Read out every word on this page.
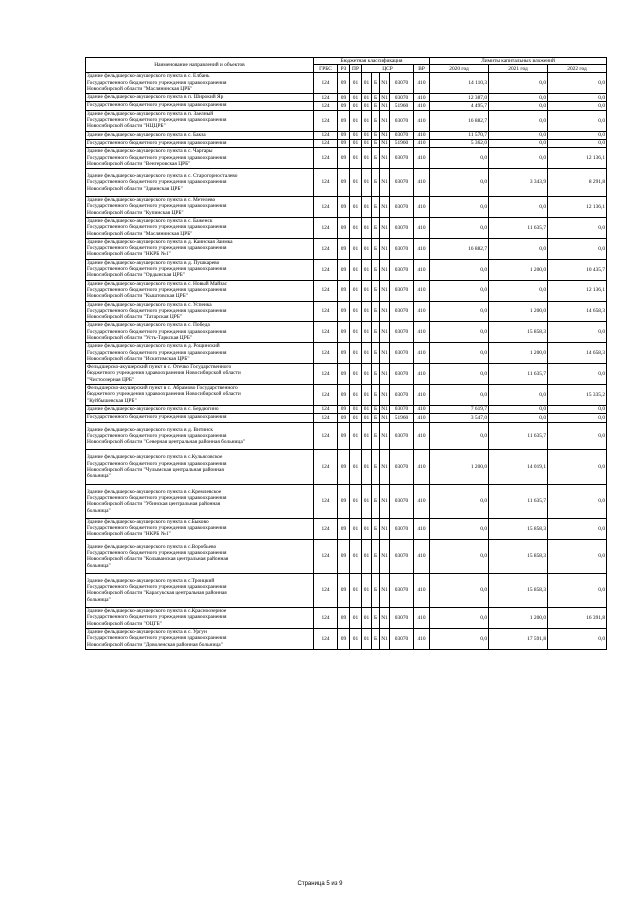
Наименование направлений и объектов	Бюджетная классификация								Лимиты капитальных вложений		
	ГРБС	РЗ	ПР	ЦСР				ВР	2020 год	2021 год	2022 год
Здание фельдшерско-акушерского пункта в с. Елбань
Государственного бюджетного учреждения здравоохранения
Новосибирской области "Маслянинская ЦРБ"	124	09	01	01	Б	N1	03070	410	14 110,3	0,0	0,0
Здание фельдшерско-акушерского пункта в п. Широкий Яр	124	09	01	01	Б	N1	03070	410	12 387,0	0,0	0,0
Государственного бюджетного учреждения здравоохранения	124	09	01	01	Б	N1	51960	410	4 495,7	0,0	0,0
Здание фельдшерско-акушерского пункта в п. Заелный
Государственного бюджетного учреждения здравоохранения
Новосибирской области "НЦЦРБ"	124	09	01	01	Б	N1	03070	410	16 882,7	0,0	0,0
Здание фельдшерско-акушерского пункта в с. Бакза	124	09	01	01	Б	N1	03070	410	11 570,7	0,0	0,0
Государственного бюджетного учреждения здравоохранения	124	09	01	01	Б	N1	51960	410	5 362,0	0,0	0,0
Здание фельдшерско-акушерского пункта в с. Чаргары
Государственного бюджетного учреждения здравоохранения
Новосибирской области "Венгеровская ЦРБ"	124	09	01	01	Б	N1	03070	410	0,0	0,0	12 136,1
Здание фельдшерско-акушерского пункта в с. Старогорносталево
Государственного бюджетного учреждения здравоохранения
Новосибирской области "Здвинская ЦРБ"	124	09	01	01	Б	N1	03070	410	0,0	3 343,9	8 291,8
Здание фельдшерско-акушерского пункта в с. Метелево
Государственного бюджетного учреждения здравоохранения
Новосибирской области "Купинская ЦРБ"	124	09	01	01	Б	N1	03070	410	0,0	0,0	12 136,1
Здание фельдшерско-акушерского пункта в с. Баженск
Государственного бюджетного учреждения здравоохранения
Новосибирской области "Маслянинская ЦРБ"	124	09	01	01	Б	N1	03070	410	0,0	11 635,7	0,0
Здание фельдшерско-акушерского пункта в д. Каинская Заимка
Государственного бюджетного учреждения здравоохранения
Новосибирской области "НКРБ №1"	124	09	01	01	Б	N1	03070	410	16 882,7	0,0	0,0
Здание фельдшерско-акушерского пункта в д. Пушкарево
Государственного бюджетного учреждения здравоохранения
Новосибирской области "Ордынская ЦРБ"	124	09	01	01	Б	N1	03070	410	0,0	1 200,0	10 435,7
Здание фельдшерско-акушерского пункта в с. Новый Майзас
Государственного бюджетного учреждения здравоохранения
Новосибирской области "Кыштовская ЦРБ"	124	09	01	01	Б	N1	03070	410	0,0	0,0	12 136,1
Здание фельдшерско-акушерского пункта в с. Успенка
Государственного бюджетного учреждения здравоохранения
Новосибирской области "Татарская ЦРБ"	124	09	01	01	Б	N1	03070	410	0,0	1 200,0	14 658,3
Здание фельдшерско-акушерского пункта в с. Победа
Государственного бюджетного учреждения здравоохранения
Новосибирской области "Усть-Таркская ЦРБ"	124	09	01	01	Б	N1	03070	410	0,0	15 858,3	0,0
Здание фельдшерско-акушерского пункта в д. Рощинский
Государственного бюджетного учреждения здравоохранения
Новосибирской области "Искитимская ЦРБ"	124	09	01	01	Б	N1	03070	410	0,0	1 200,0	14 658,3
Фельдшерско-акушерский пункт в с. Отечко Государственного
бюджетного учреждения здравоохранения Новосибирской области
"Чистоозерная ЦРБ"	124	09	01	01	Б	N1	03070	410	0,0	11 635,7	0,0
Фельдшерско-акушерский пункт в с. Абрамово Государственного
бюджетного учреждения здравоохранения Новосибирской области
"Куйбышевская ЦРБ"	124	09	01	01	Б	N1	03070	410	0,0	0,0	15 335,2
Здание фельдшерско-акушерского пункта в с. Бердюгино	124	09	01	01	Б	N1	03070	410	7 619,7	0,0	0,0
Государственного бюджетного учреждения здравоохранения	124	09	01	01	Б	N1	51960	410	3 547,0	0,0	0,0
Здание фельдшерско-акушерского пункта в д. Витинск
Государственного бюджетного учреждения здравоохранения
Новосибирской области "Северная центральная районная больница"	124	09	01	01	Б	N1	03070	410	0,0	11 635,7	0,0
Здание фельдшерско-акушерского пункта в с.Кульясовское
Государственного бюджетного учреждения здравоохранения
Новосибирской области "Чулымская центральная районная
больница"	124	09	01	01	Б	N1	03070	410	1 200,0	14 019,1	0,0
Здание фельдшерско-акушерского пункта в с.Кремлевское
Государственного бюджетного учреждения здравоохранения
Новосибирской области "Убинская центральная районная
больница"	124	09	01	01	Б	N1	03070	410	0,0	11 635,7	0,0
Здание фельдшерско-акушерского пункта в с.Быково
Государственного бюджетного учреждения здравоохранения
Новосибирской области "НКРБ №1"	124	09	01	01	Б	N1	03070	410	0,0	15 858,3	0,0
Здание фельдшерско-акушерского пункта в с.Воробьево
Государственного бюджетного учреждения здравоохранения
Новосибирской области "Колыванская центральная районная
больница"	124	09	01	01	Б	N1	03070	410	0,0	15 858,3	0,0
Здание фельдшерско-акушерского пункта в с.Троицкий
Государственного бюджетного учреждения здравоохранения
Новосибирской области "Карасукская центральная районная
больница"	124	09	01	01	Б	N1	03070	410	0,0	15 858,3	0,0
Здание фельдшерско-акушерского пункта в с.Красноозерное
Государственного бюджетного учреждения здравоохранения
Новосибирской области "ОЦГБ"	124	09	01	01	Б	N1	03070	410	0,0	1 200,0	16 391,8
Здание фельдшерско-акушерского пункта в с. Ургун
Государственного бюджетного учреждения здравоохранения
Новосибирской области "Доволенская районная больница"	124	09	01	01	Б	N1	03070	410	0,0	17 591,8	0,0
Страница 5 из 9
